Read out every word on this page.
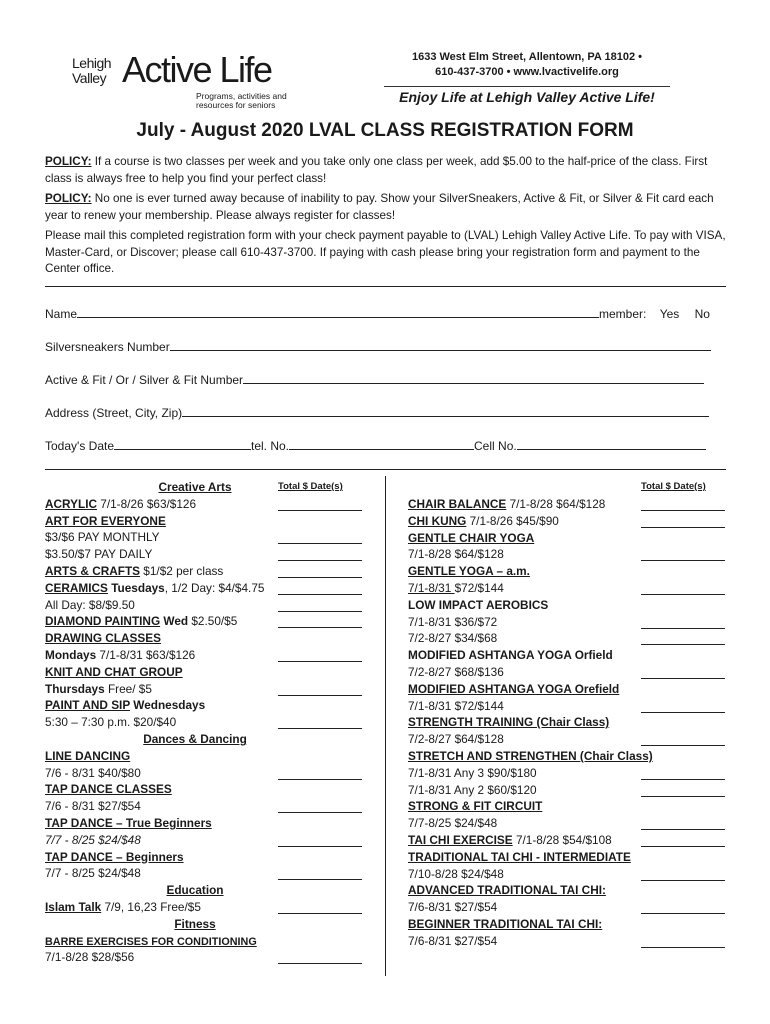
Lehigh
Valley Active Life
Programs, activities and
resources for seniors
1633 West Elm Street, Allentown, PA 18102 •
610-437-3700 • www.lvactivelife.org
Enjoy Life at Lehigh Valley Active Life!
July - August 2020 LVAL CLASS REGISTRATION FORM
POLICY: If a course is two classes per week and you take only one class per week, add $5.00 to the half-price of the class. First class is always free to help you find your perfect class!
POLICY: No one is ever turned away because of inability to pay. Show your SilverSneakers, Active & Fit, or Silver & Fit card each year to renew your membership. Please always register for classes!
Please mail this completed registration form with your check payment payable to (LVAL) Lehigh Valley Active Life. To pay with VISA, Master-Card, or Discover; please call 610-437-3700. If paying with cash please bring your registration form and payment to the Center office.
Name	member: Yes No
Silversneakers Number
Active & Fit / Or / Silver & Fit Number
Address (Street, City, Zip)
Today's Date	tel. No.	Cell No.
Total $ Date(s)	Total $ Date(s)
Creative Arts
ACRYLIC 7/1-8/26 $63/$126
ART FOR EVERYONE
$3/$6 PAY MONTHLY
$3.50/$7 PAY DAILY
ARTS & CRAFTS $1/$2 per class
CERAMICS Tuesdays, 1/2 Day: $4/$4.75
All Day: $8/$9.50
DIAMOND PAINTING Wed $2.50/$5
DRAWING CLASSES
Mondays 7/1-8/31 $63/$126
KNIT AND CHAT GROUP
Thursdays Free/ $5
PAINT AND SIP Wednesdays
5:30 – 7:30 p.m. $20/$40
Dances & Dancing
LINE DANCING
7/6 - 8/31 $40/$80
TAP DANCE CLASSES
7/6 - 8/31 $27/$54
TAP DANCE – True Beginners
7/7 - 8/25 $24/$48
TAP DANCE – Beginners
7/7 - 8/25 $24/$48
Education
Islam Talk 7/9, 16,23 Free/$5
Fitness
BARRE EXERCISES FOR CONDITIONING
7/1-8/28 $28/$56
CHAIR BALANCE 7/1-8/28 $64/$128
CHI KUNG 7/1-8/26 $45/$90
GENTLE CHAIR YOGA
7/1-8/28 $64/$128
GENTLE YOGA – a.m.
7/1-8/31 $72/$144
LOW IMPACT AEROBICS
7/1-8/31 $36/$72
7/2-8/27 $34/$68
MODIFIED ASHTANGA YOGA Orfield
7/2-8/27 $68/$136
MODIFIED ASHTANGA YOGA Orefield
7/1-8/31 $72/$144
STRENGTH TRAINING (Chair Class)
7/2-8/27 $64/$128
STRETCH AND STRENGTHEN (Chair Class)
7/1-8/31 Any 3 $90/$180
7/1-8/31 Any 2 $60/$120
STRONG & FIT CIRCUIT
7/7-8/25 $24/$48
TAI CHI EXERCISE 7/1-8/28 $54/$108
TRADITIONAL TAI CHI - INTERMEDIATE
7/10-8/28 $24/$48
ADVANCED TRADITIONAL TAI CHI:
7/6-8/31 $27/$54
BEGINNER TRADITIONAL TAI CHI:
7/6-8/31 $27/$54
